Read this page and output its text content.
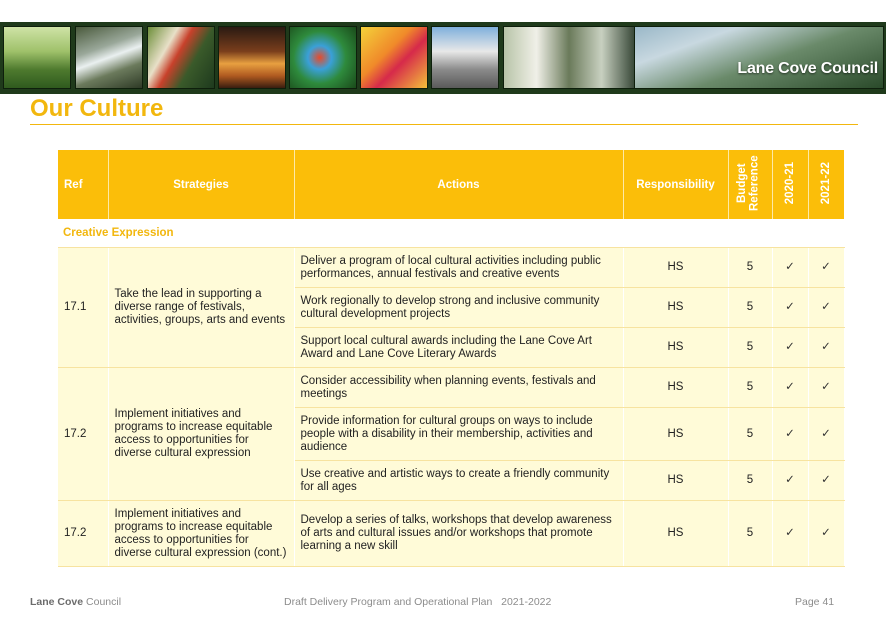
Lane Cove Council
Our Culture
Ref	Strategies	Actions	Responsibility	Budget Reference	2020-21	2021-22
Creative Expression						
17.1	Take the lead in supporting a diverse range of festivals, activities, groups, arts and events	Deliver a program of local cultural activities including public performances, annual festivals and creative events	HS	5	✓	✓
		Work regionally to develop strong and inclusive community cultural development projects	HS	5	✓	✓
		Support local cultural awards including the Lane Cove Art Award and Lane Cove Literary Awards	HS	5	✓	✓
17.2	Implement initiatives and programs to increase equitable access to opportunities for diverse cultural expression	Consider accessibility when planning events, festivals and meetings	HS	5	✓	✓
		Provide information for cultural groups on ways to include people with a disability in their membership, activities and audience	HS	5	✓	✓
		Use creative and artistic ways to create a friendly community for all ages	HS	5	✓	✓
17.2	Implement initiatives and programs to increase equitable access to opportunities for diverse cultural expression (cont.)	Develop a series of talks, workshops that develop awareness of arts and cultural issues and/or workshops that promote learning a new skill	HS	5	✓	✓
Lane Cove Council	Draft Delivery Program and Operational Plan 2021-2022	Page 41
